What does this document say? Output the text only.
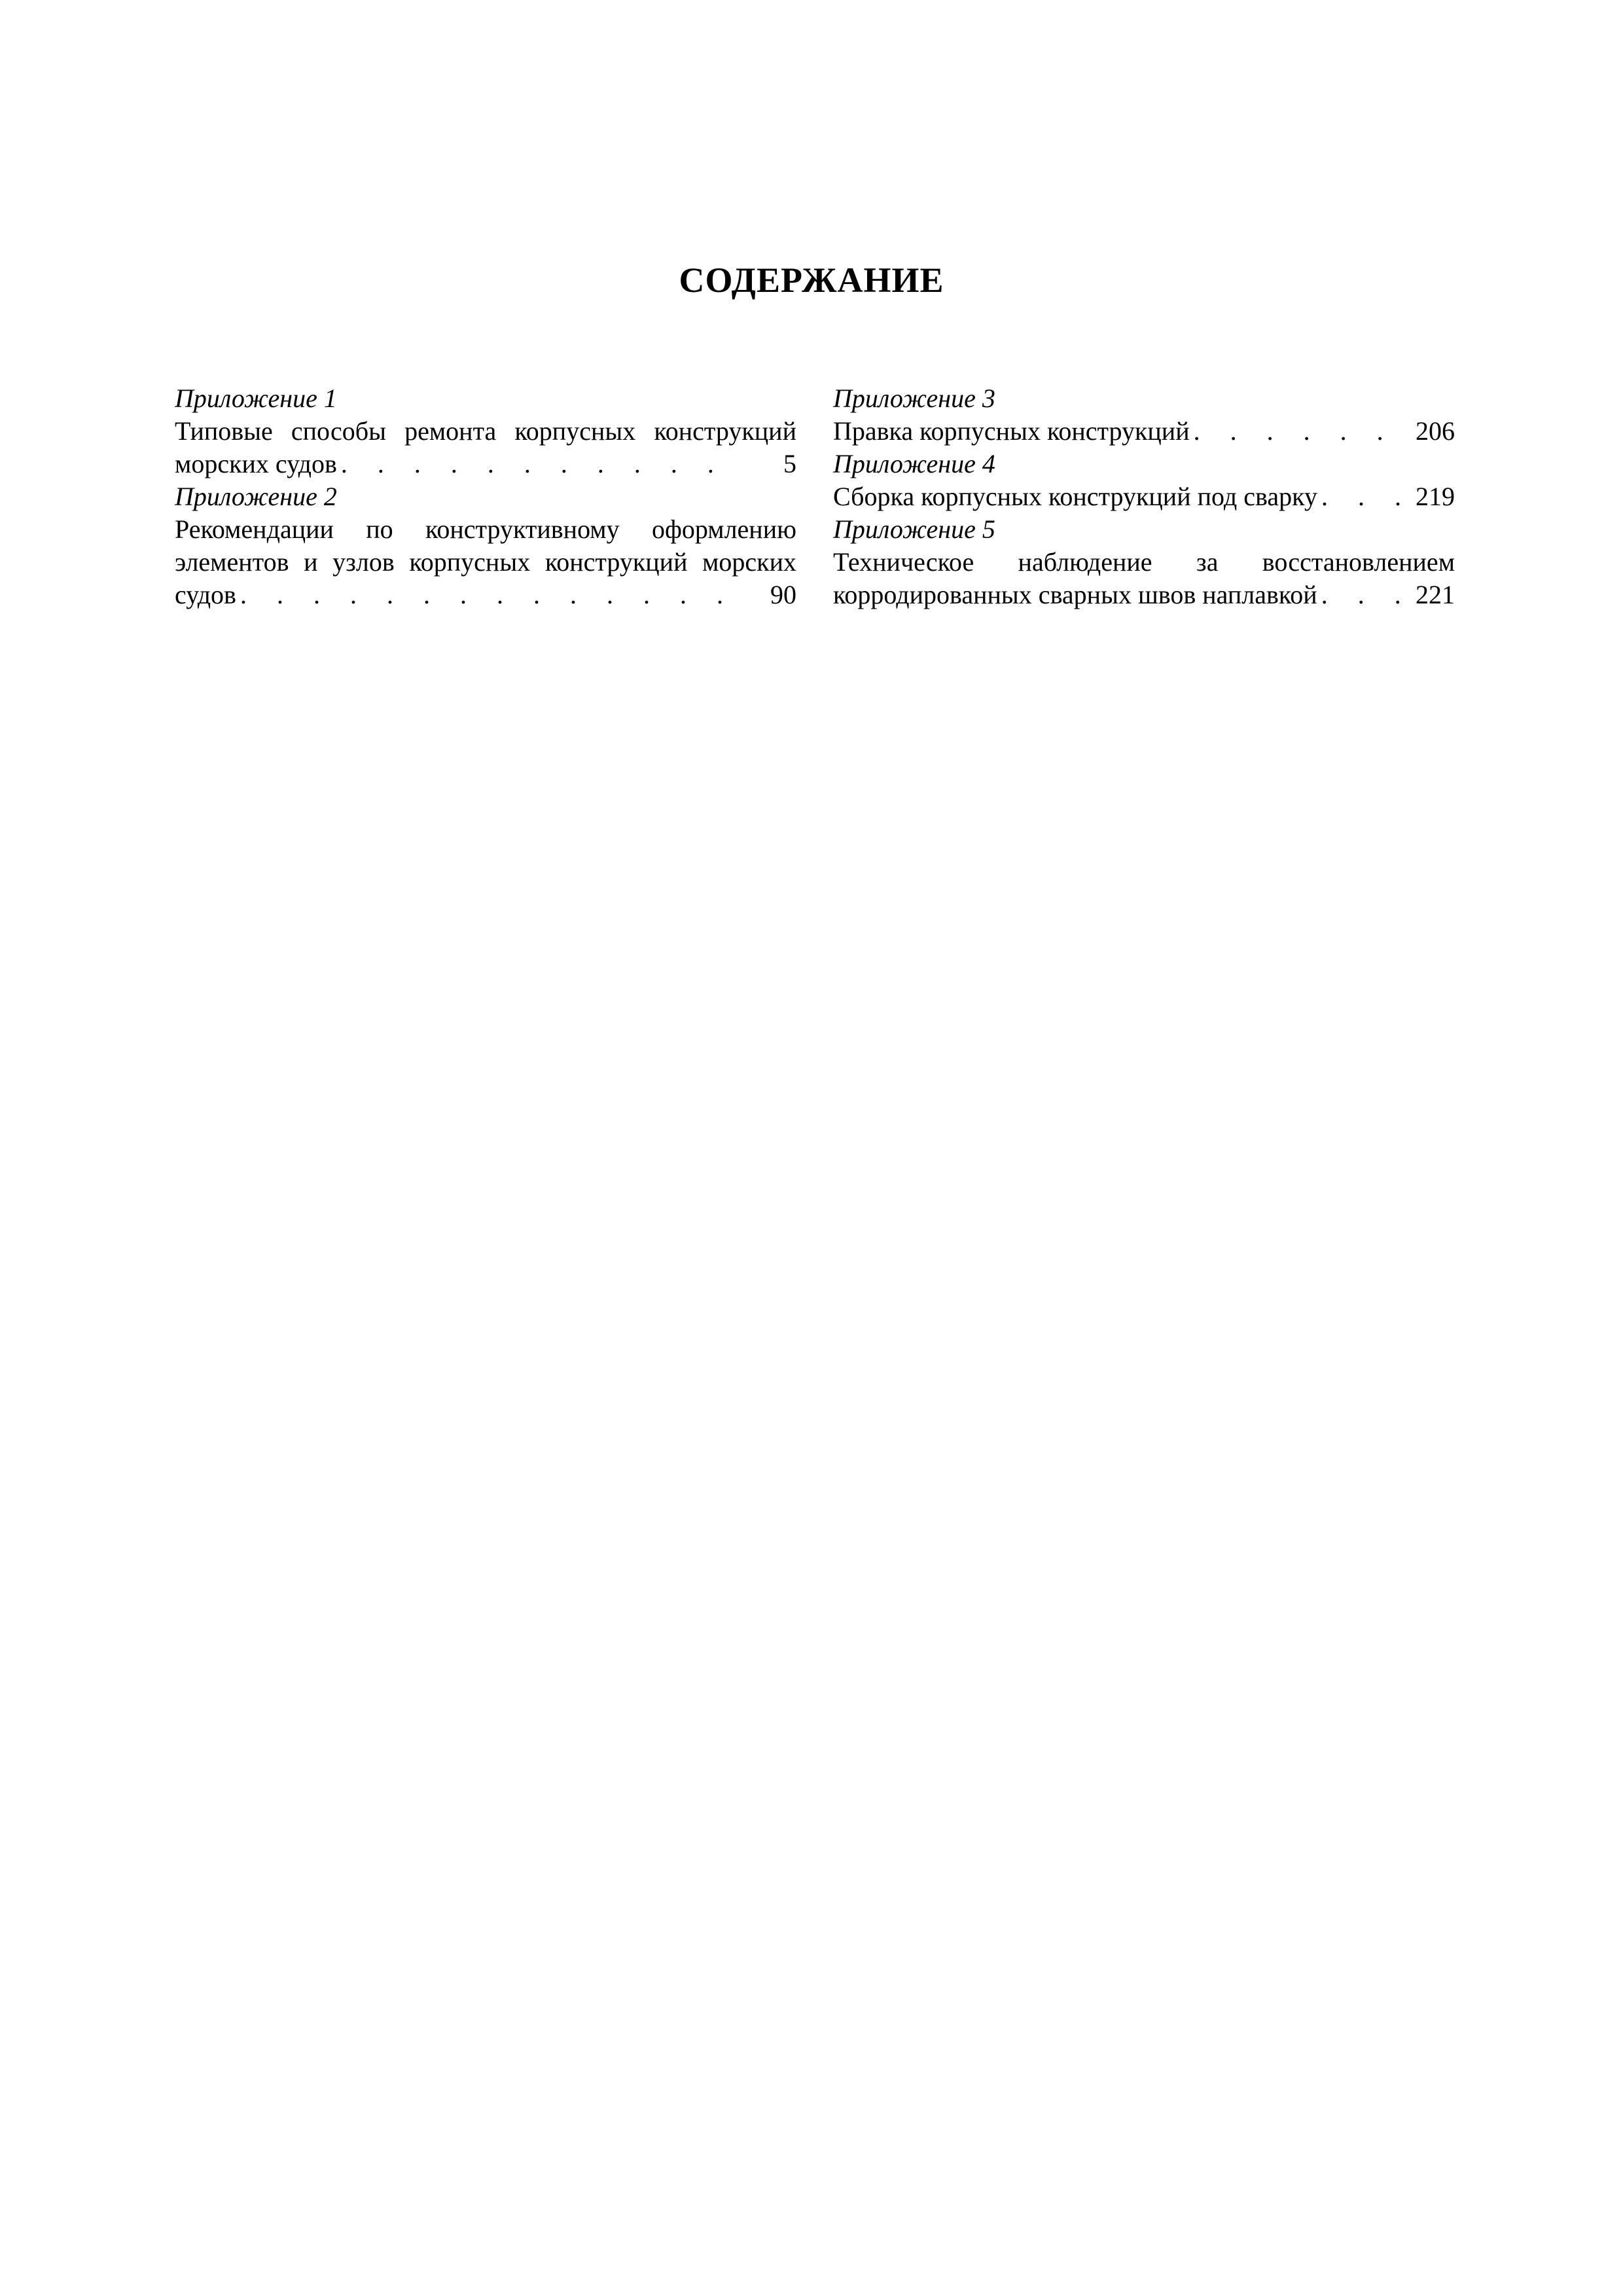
СОДЕРЖАНИЕ
Приложение 1
Типовые способы ремонта корпусных конструкций
морских судов . . .	5
Приложение 2
Рекомендации по конструктивному оформлению
элементов и узлов корпусных конструкций морских
судов . . .	90
Приложение 3
Правка корпусных конструкций . . .	206
Приложение 4
Сборка корпусных конструкций под сварку . . .	219
Приложение 5
Техническое наблюдение за восстановлением
корродированных сварных швов наплавкой . . .	221
